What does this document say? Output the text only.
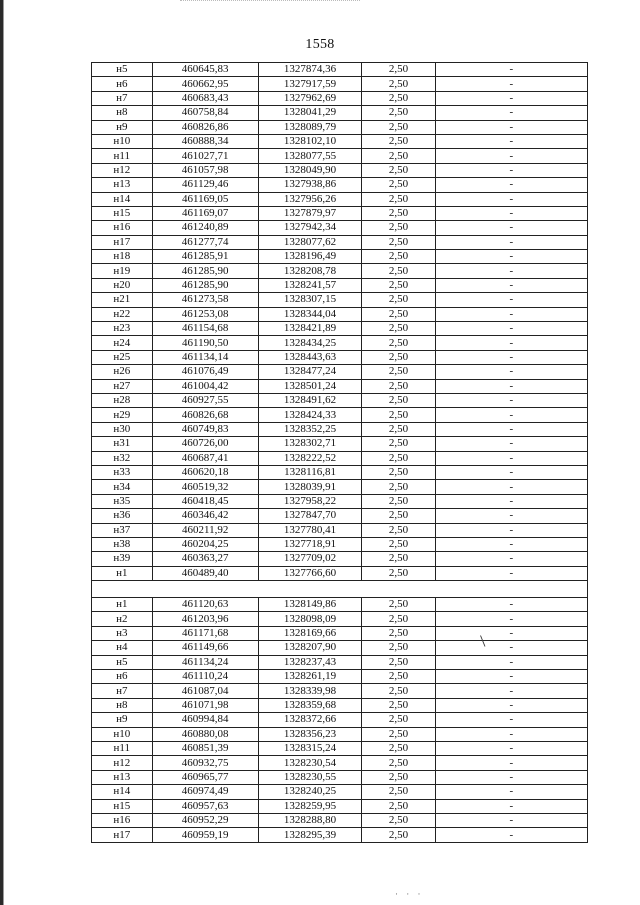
1558
н5	460645,83	1327874,36	2,50	-
н6	460662,95	1327917,59	2,50	-
н7	460683,43	1327962,69	2,50	-
н8	460758,84	1328041,29	2,50	-
н9	460826,86	1328089,79	2,50	-
н10	460888,34	1328102,10	2,50	-
н11	461027,71	1328077,55	2,50	-
н12	461057,98	1328049,90	2,50	-
н13	461129,46	1327938,86	2,50	-
н14	461169,05	1327956,26	2,50	-
н15	461169,07	1327879,97	2,50	-
н16	461240,89	1327942,34	2,50	-
н17	461277,74	1328077,62	2,50	-
н18	461285,91	1328196,49	2,50	-
н19	461285,90	1328208,78	2,50	-
н20	461285,90	1328241,57	2,50	-
н21	461273,58	1328307,15	2,50	-
н22	461253,08	1328344,04	2,50	-
н23	461154,68	1328421,89	2,50	-
н24	461190,50	1328434,25	2,50	-
н25	461134,14	1328443,63	2,50	-
н26	461076,49	1328477,24	2,50	-
н27	461004,42	1328501,24	2,50	-
н28	460927,55	1328491,62	2,50	-
н29	460826,68	1328424,33	2,50	-
н30	460749,83	1328352,25	2,50	-
н31	460726,00	1328302,71	2,50	-
н32	460687,41	1328222,52	2,50	-
н33	460620,18	1328116,81	2,50	-
н34	460519,32	1328039,91	2,50	-
н35	460418,45	1327958,22	2,50	-
н36	460346,42	1327847,70	2,50	-
н37	460211,92	1327780,41	2,50	-
н38	460204,25	1327718,91	2,50	-
н39	460363,27	1327709,02	2,50	-
н1	460489,40	1327766,60	2,50	-

н1	461120,63	1328149,86	2,50	-
н2	461203,96	1328098,09	2,50	-
н3	461171,68	1328169,66	2,50	-
н4	461149,66	1328207,90	2,50	-
н5	461134,24	1328237,43	2,50	-
н6	461110,24	1328261,19	2,50	-
н7	461087,04	1328339,98	2,50	-
н8	461071,98	1328359,68	2,50	-
н9	460994,84	1328372,66	2,50	-
н10	460880,08	1328356,23	2,50	-
н11	460851,39	1328315,24	2,50	-
н12	460932,75	1328230,54	2,50	-
н13	460965,77	1328230,55	2,50	-
н14	460974,49	1328240,25	2,50	-
н15	460957,63	1328259,95	2,50	-
н16	460952,29	1328288,80	2,50	-
н17	460959,19	1328295,39	2,50	-
· · ·
